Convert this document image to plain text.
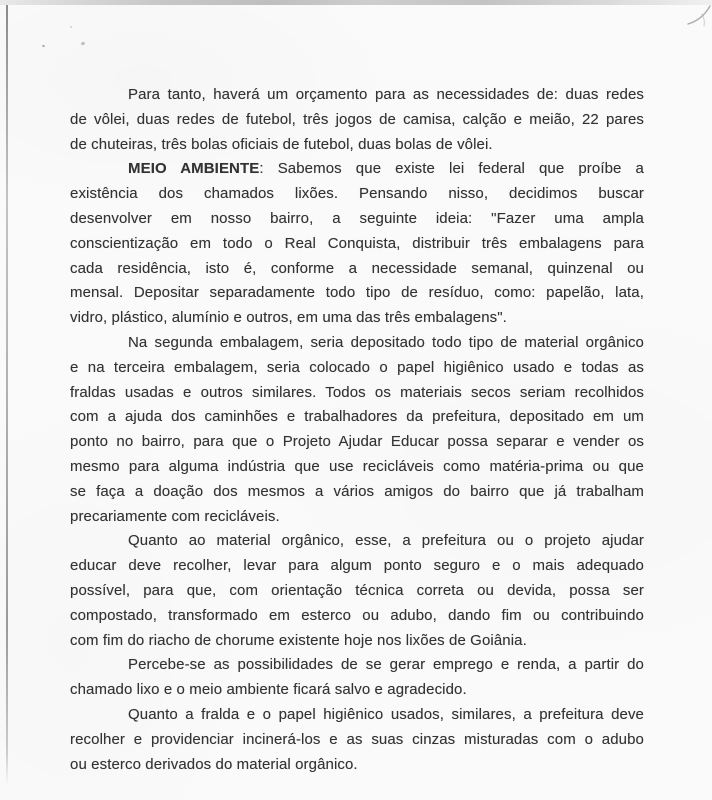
Para tanto, haverá um orçamento para as necessidades de: duas redes
de vôlei, duas redes de futebol, três jogos de camisa, calção e meião, 22 pares
de chuteiras, três bolas oficiais de futebol, duas bolas de vôlei.
MEIO AMBIENTE: Sabemos que existe lei federal que proíbe a
existência dos chamados lixões. Pensando nisso, decidimos buscar
desenvolver em nosso bairro, a seguinte ideia: "Fazer uma ampla
conscientização em todo o Real Conquista, distribuir três embalagens para
cada residência, isto é, conforme a necessidade semanal, quinzenal ou
mensal. Depositar separadamente todo tipo de resíduo, como: papelão, lata,
vidro, plástico, alumínio e outros, em uma das três embalagens".
Na segunda embalagem, seria depositado todo tipo de material orgânico
e na terceira embalagem, seria colocado o papel higiênico usado e todas as
fraldas usadas e outros similares. Todos os materiais secos seriam recolhidos
com a ajuda dos caminhões e trabalhadores da prefeitura, depositado em um
ponto no bairro, para que o Projeto Ajudar Educar possa separar e vender os
mesmo para alguma indústria que use recicláveis como matéria-prima ou que
se faça a doação dos mesmos a vários amigos do bairro que já trabalham
precariamente com recicláveis.
Quanto ao material orgânico, esse, a prefeitura ou o projeto ajudar
educar deve recolher, levar para algum ponto seguro e o mais adequado
possível, para que, com orientação técnica correta ou devida, possa ser
compostado, transformado em esterco ou adubo, dando fim ou contribuindo
com fim do riacho de chorume existente hoje nos lixões de Goiânia.
Percebe-se as possibilidades de se gerar emprego e renda, a partir do
chamado lixo e o meio ambiente ficará salvo e agradecido.
Quanto a fralda e o papel higiênico usados, similares, a prefeitura deve
recolher e providenciar incinerá-los e as suas cinzas misturadas com o adubo
ou esterco derivados do material orgânico.
